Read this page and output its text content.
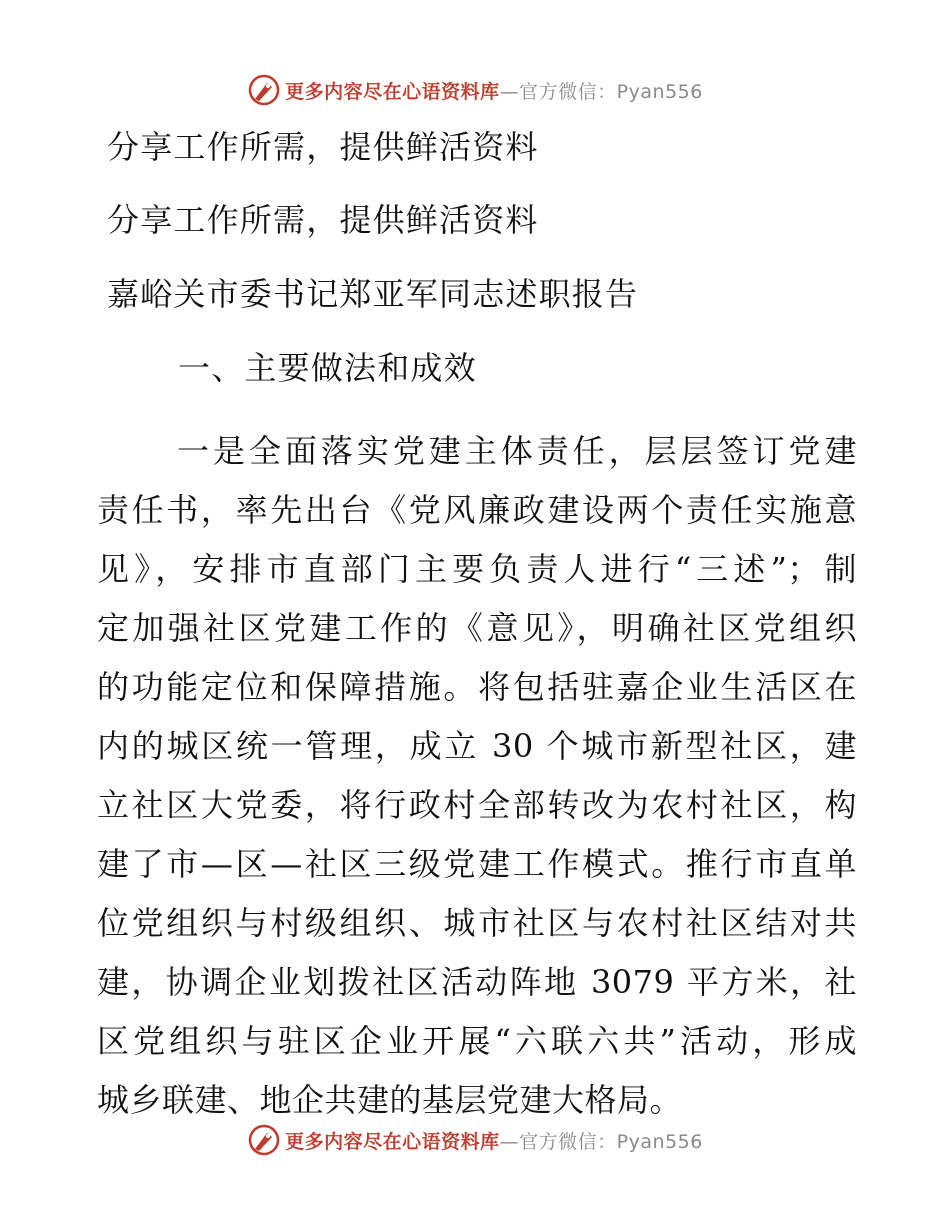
更多内容尽在心语资料库 —官方微信：Pyan556
分享工作所需，提供鲜活资料
分享工作所需，提供鲜活资料
嘉峪关市委书记郑亚军同志述职报告
一、主要做法和成效
一是全面落实党建主体责任，层层签订党建
责任书，率先出台《党风廉政建设两个责任实施意
见》，安排市直部门主要负责人进行“三述”；制
定加强社区党建工作的《意见》，明确社区党组织
的功能定位和保障措施。将包括驻嘉企业生活区在
内的城区统一管理，成立 30 个城市新型社区，建
立社区大党委，将行政村全部转改为农村社区，构
建了市—区—社区三级党建工作模式。推行市直单
位党组织与村级组织、城市社区与农村社区结对共
建，协调企业划拨社区活动阵地 3079 平方米，社
区党组织与驻区企业开展“六联六共”活动，形成
城乡联建、地企共建的基层党建大格局。
更多内容尽在心语资料库 —官方微信：Pyan556
